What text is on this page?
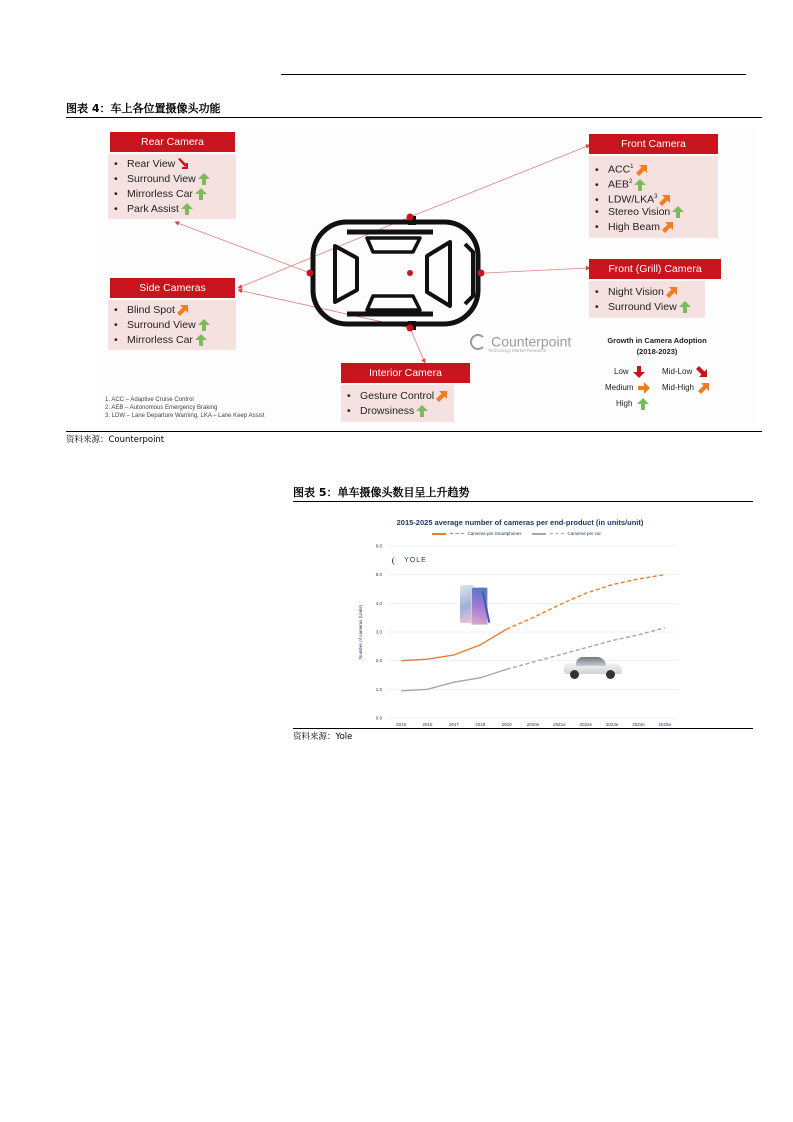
图表 4：车上各位置摄像头功能
Rear Camera
• Rear View
• Surround View
• Mirrorless Car
• Park Assist
Side Cameras
• Blind Spot
• Surround View
• Mirrorless Car
Front Camera
• ACC$^1$
• AEB$^2$
• LDW/LKA$^3$
• Stereo Vision
• High Beam
Front (Grill) Camera
• Night Vision
• Surround View
Interior Camera
• Gesture Control
• Drowsiness
Counterpoint
Technology Market Research
Growth in Camera Adoption
(2018-2023)
Low	Mid-Low
Medium	Mid-High
High
1. ACC – Adaptive Cruise Control
2. AEB – Autonomous Emergency Braking
3. LDW – Lane Departure Warning, LKA – Lane Keep Assist
资料来源：Counterpoint
图表 5：单车摄像头数目呈上升趋势
2015-2025 average number of cameras per end-product (in units/unit)
Cameras per Smartphones	Cameras per car
0.0
1.0
2.0
3.0
4.0
5.0
6.0
2015	2016	2017	2018	2019	2020e	2021e	2022e	2023e	2024e	2025e
Number of cameras (Units)
YOLE
资料来源：Yole
